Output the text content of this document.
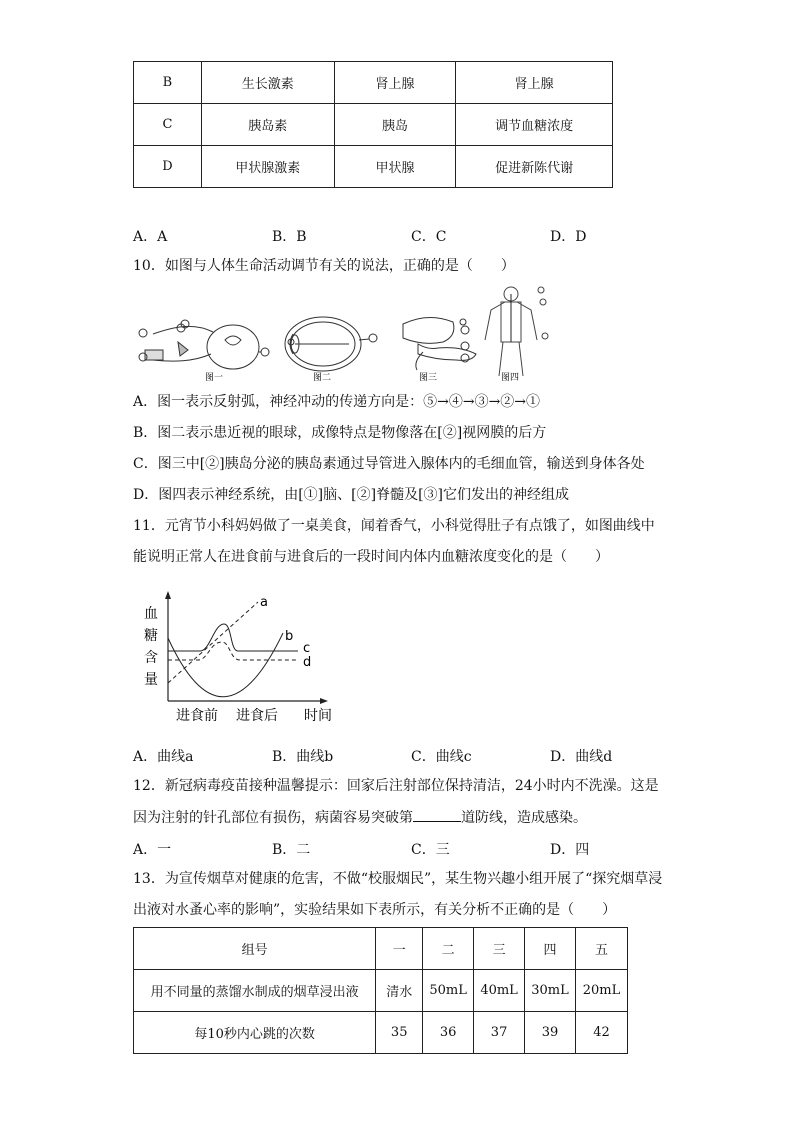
B	生长激素	肾上腺	肾上腺
C	胰岛素	胰岛	调节血糖浓度
D	甲状腺激素	甲状腺	促进新陈代谢
A．A	B．B	C．C	D．D
10．如图与人体生命活动调节有关的说法，正确的是（　　）
图一	图二	图三	图四
A．图一表示反射弧，神经冲动的传递方向是：⑤→④→③→②→①
B．图二表示患近视的眼球，成像特点是物像落在[②]视网膜的后方
C．图三中[②]胰岛分泌的胰岛素通过导管进入腺体内的毛细血管，输送到身体各处
D．图四表示神经系统，由[①]脑、[②]脊髓及[③]它们发出的神经组成
11．元宵节小科妈妈做了一桌美食，闻着香气，小科觉得肚子有点饿了，如图曲线中
能说明正常人在进食前与进食后的一段时间内体内血糖浓度变化的是（　　）
血
糖
含
量
a
b
c
d
进食前 进食后 时间
A．曲线a	B．曲线b	C．曲线c	D．曲线d
12．新冠病毒疫苗接种温馨提示：回家后注射部位保持清洁，24小时内不洗澡。这是
因为注射的针孔部位有损伤，病菌容易突破第	道防线，造成感染。
A．一	B．二	C．三	D．四
13．为宣传烟草对健康的危害，不做“校服烟民”，某生物兴趣小组开展了“探究烟草浸
出液对水蚤心率的影响”，实验结果如下表所示，有关分析不正确的是（　　）
组号	一	二	三	四	五
用不同量的蒸馏水制成的烟草浸出液	清水	50mL	40mL	30mL	20mL
每10秒内心跳的次数	35	36	37	39	42
